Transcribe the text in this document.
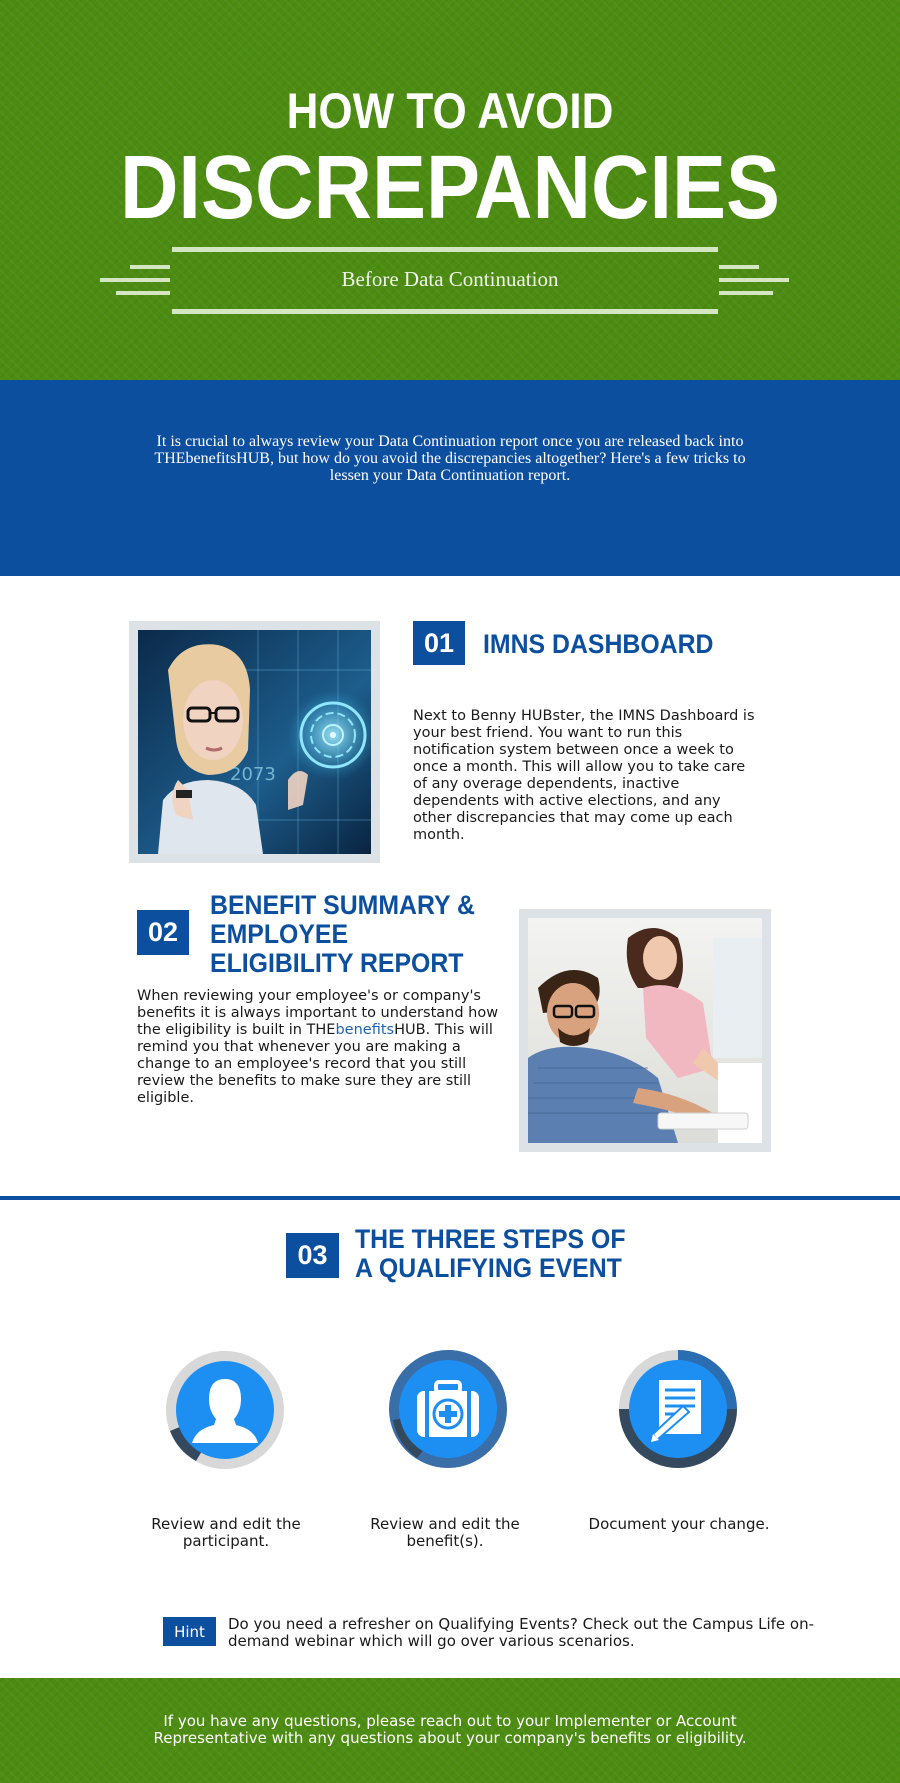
HOW TO AVOID
DISCREPANCIES
Before Data Continuation

It is crucial to always review your Data Continuation report once you are released back into THEbenefitsHUB, but how do you avoid the discrepancies altogether? Here's a few tricks to lessen your Data Continuation report.

2073
01	IMNS DASHBOARD
Next to Benny HUBster, the IMNS Dashboard is your best friend. You want to run this notification system between once a week to once a month. This will allow you to take care of any overage dependents, inactive dependents with active elections, and any other discrepancies that may come up each month.
02
BENEFIT SUMMARY & EMPLOYEE ELIGIBILITY REPORT
When reviewing your employee's or company's benefits it is always important to understand how the eligibility is built in THEbenefitsHUB. This will remind you that whenever you are making a change to an employee's record that you still review the benefits to make sure they are still eligible.
03
THE THREE STEPS OF A QUALIFYING EVENT
Review and edit the participant.
Review and edit the benefit(s).
Document your change.
Hint	Do you need a refresher on Qualifying Events? Check out the Campus Life on-demand webinar which will go over various scenarios.

If you have any questions, please reach out to your Implementer or Account Representative with any questions about your company's benefits or eligibility.
